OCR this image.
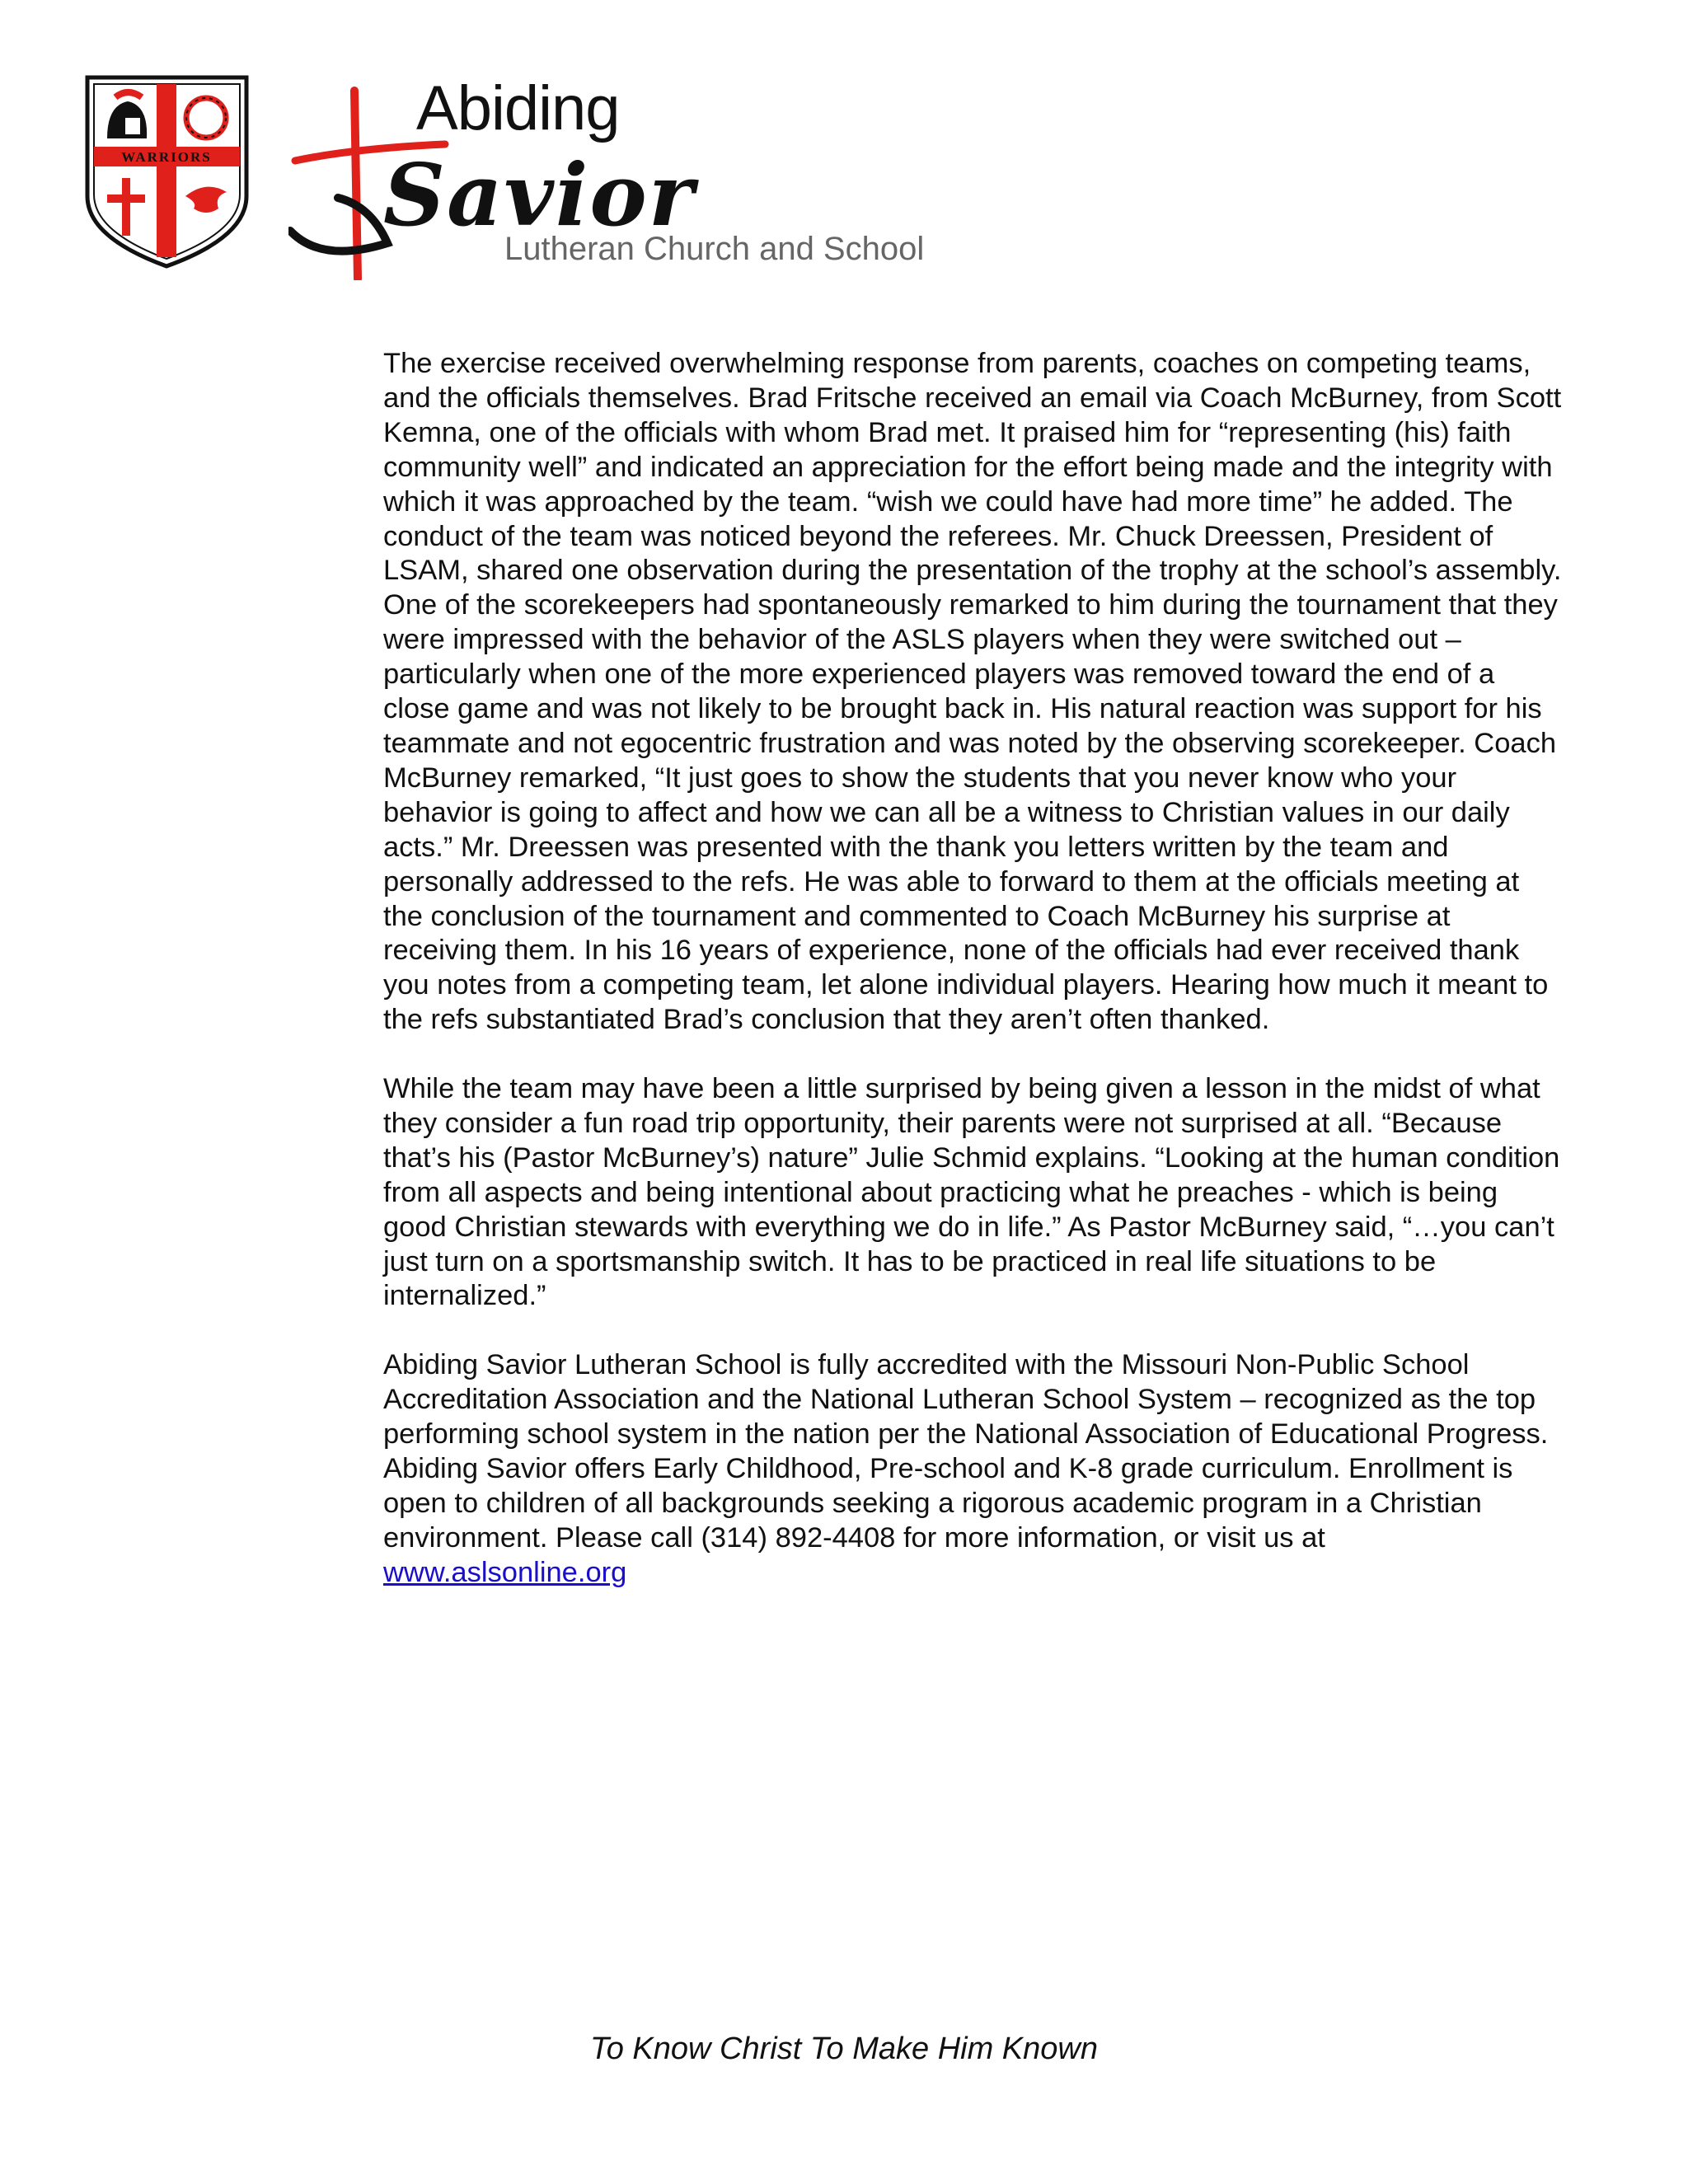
WARRIORS
Abiding
Savior
Lutheran Church and School

The exercise received overwhelming response from parents, coaches on competing teams, and the officials themselves. Brad Fritsche received an email via Coach McBurney, from Scott Kemna, one of the officials with whom Brad met. It praised him for “representing (his) faith community well” and indicated an appreciation for the effort being made and the integrity with which it was approached by the team. “wish we could have had more time” he added. The conduct of the team was noticed beyond the referees. Mr. Chuck Dreessen, President of LSAM, shared one observation during the presentation of the trophy at the school’s assembly. One of the scorekeepers had spontaneously remarked to him during the tournament that they were impressed with the behavior of the ASLS players when they were switched out – particularly when one of the more experienced players was removed toward the end of a close game and was not likely to be brought back in. His natural reaction was support for his teammate and not egocentric frustration and was noted by the observing scorekeeper. Coach McBurney remarked, “It just goes to show the students that you never know who your behavior is going to affect and how we can all be a witness to Christian values in our daily acts.” Mr. Dreessen was presented with the thank you letters written by the team and personally addressed to the refs. He was able to forward to them at the officials meeting at the conclusion of the tournament and commented to Coach McBurney his surprise at receiving them. In his 16 years of experience, none of the officials had ever received thank you notes from a competing team, let alone individual players. Hearing how much it meant to the refs substantiated Brad’s conclusion that they aren’t often thanked.

While the team may have been a little surprised by being given a lesson in the midst of what they consider a fun road trip opportunity, their parents were not surprised at all. “Because that’s his (Pastor McBurney’s) nature” Julie Schmid explains. “Looking at the human condition from all aspects and being intentional about practicing what he preaches - which is being good Christian stewards with everything we do in life.” As Pastor McBurney said, “…you can’t just turn on a sportsmanship switch. It has to be practiced in real life situations to be internalized.”

Abiding Savior Lutheran School is fully accredited with the Missouri Non-Public School Accreditation Association and the National Lutheran School System – recognized as the top performing school system in the nation per the National Association of Educational Progress. Abiding Savior offers Early Childhood, Pre-school and K-8 grade curriculum. Enrollment is open to children of all backgrounds seeking a rigorous academic program in a Christian environment. Please call (314) 892-4408 for more information, or visit us at www.aslsonline.org

To Know Christ To Make Him Known
